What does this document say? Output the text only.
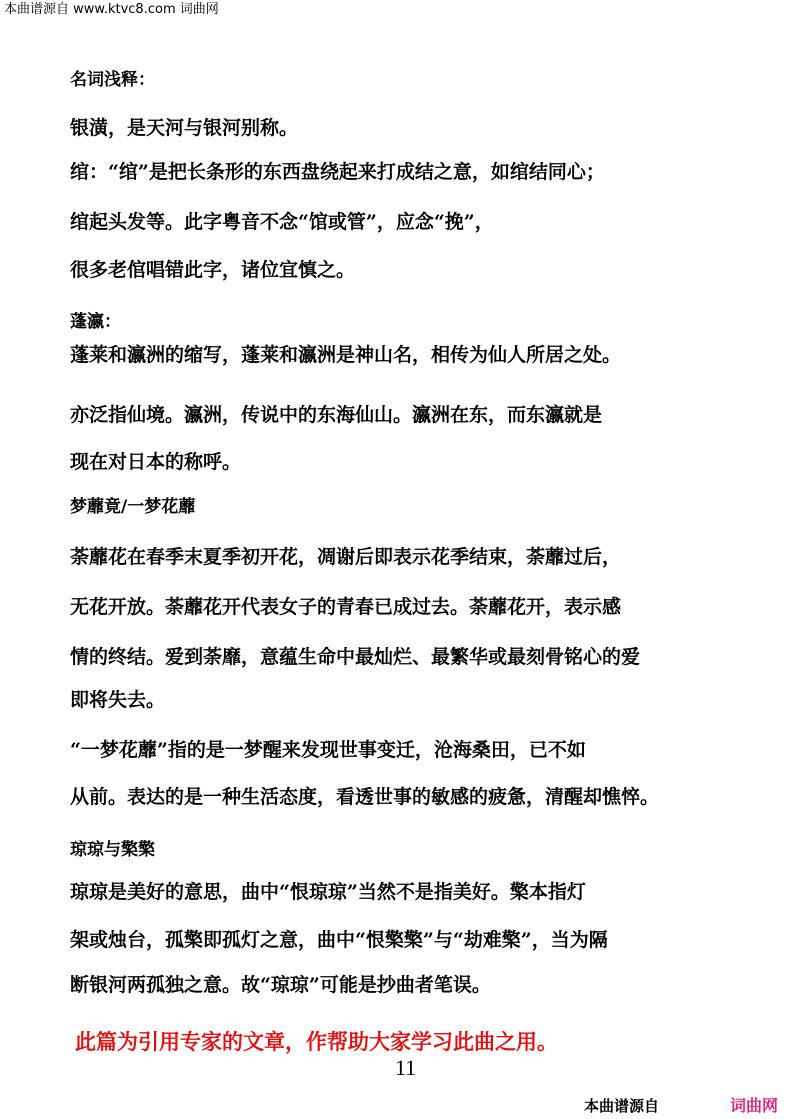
本曲谱源自 www.ktvc8.com 词曲网
名词浅释：
银潢，是天河与银河别称。
绾：“绾”是把长条形的东西盘绕起来打成结之意，如绾结同心；
绾起头发等。此字粤音不念“馆或管”，应念“挽”，
很多老倌唱错此字，诸位宜慎之。
蓬瀛：
蓬莱和瀛洲的缩写，蓬莱和瀛洲是神山名，相传为仙人所居之处。
亦泛指仙境。瀛洲，传说中的东海仙山。瀛洲在东，而东瀛就是
现在对日本的称呼。
梦蘼竟/一梦花蘼
荼蘼花在春季末夏季初开花，凋谢后即表示花季结束，荼蘼过后，
无花开放。荼蘼花开代表女子的青春已成过去。荼蘼花开，表示感
情的终结。爱到荼靡，意蕴生命中最灿烂、最繁华或最刻骨铭心的爱
即将失去。
“一梦花蘼”指的是一梦醒来发现世事变迁，沧海桑田，已不如
从前。表达的是一种生活态度，看透世事的敏感的疲惫，清醒却憔悴。
琼琼与檠檠
琼琼是美好的意思，曲中“恨琼琼”当然不是指美好。檠本指灯
架或烛台，孤檠即孤灯之意，曲中“恨檠檠”与“劫难檠”，当为隔
断银河两孤独之意。故“琼琼”可能是抄曲者笔误。
此篇为引用专家的文章，作帮助大家学习此曲之用。
11
本曲谱源自	词曲网
